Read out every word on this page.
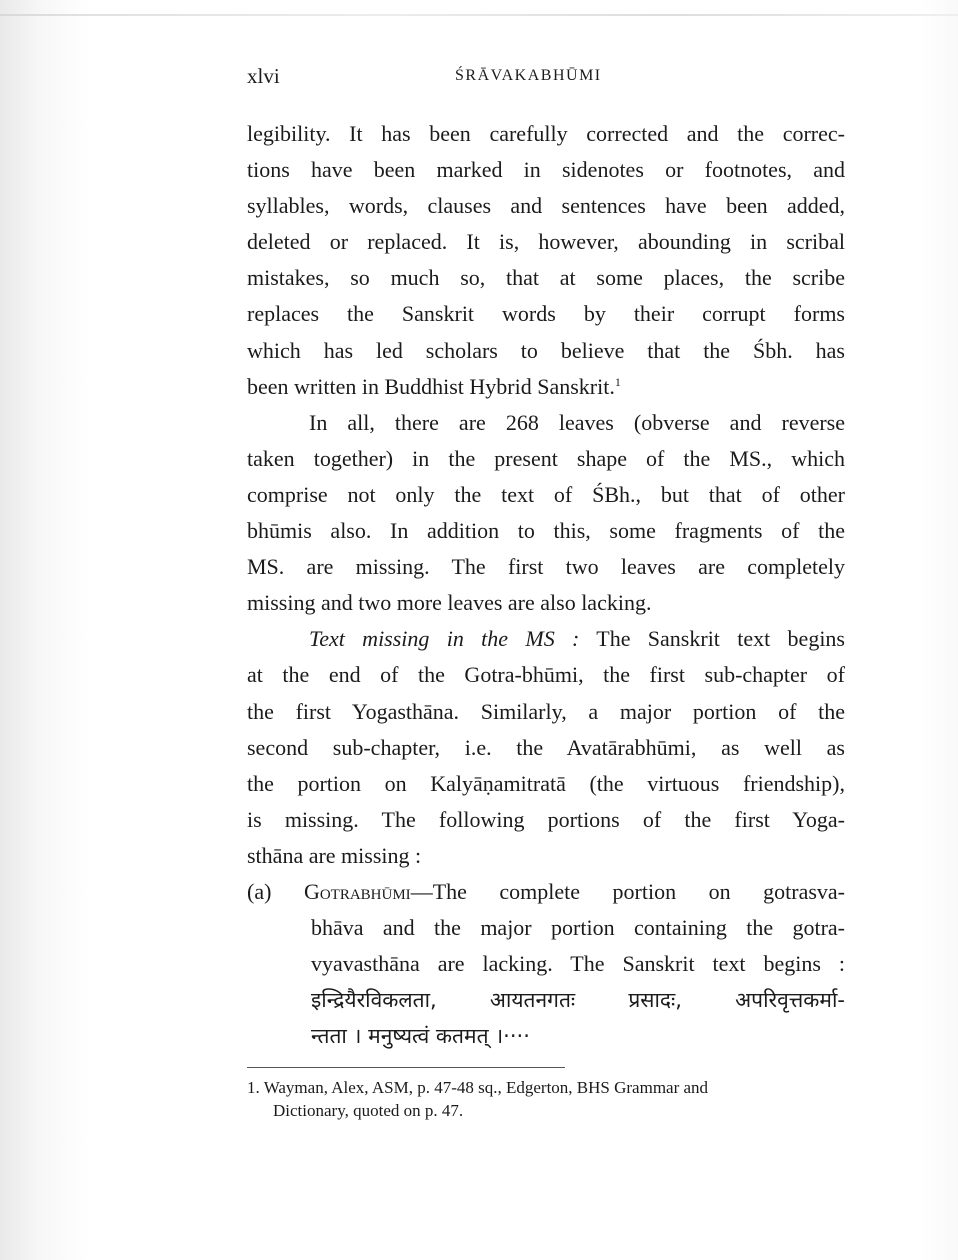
xlvi	ŚRĀVAKABHŪMI
legibility. It has been carefully corrected and the correc-
tions have been marked in sidenotes or footnotes, and
syllables, words, clauses and sentences have been added,
deleted or replaced. It is, however, abounding in scribal
mistakes, so much so, that at some places, the scribe
replaces the Sanskrit words by their corrupt forms
which has led scholars to believe that the Śbh. has
been written in Buddhist Hybrid Sanskrit.$^1$
In all, there are 268 leaves (obverse and reverse
taken together) in the present shape of the MS., which
comprise not only the text of ŚBh., but that of other
bhūmis also. In addition to this, some fragments of the
MS. are missing. The first two leaves are completely
missing and two more leaves are also lacking.
Text missing in the MS : The Sanskrit text begins
at the end of the Gotra-bhūmi, the first sub-chapter of
the first Yogasthāna. Similarly, a major portion of the
second sub-chapter, i.e. the Avatārabhūmi, as well as
the portion on Kalyāṇamitratā (the virtuous friendship),
is missing. The following portions of the first Yoga-
sthāna are missing :
(a) Gotrabhūmi—The complete portion on gotrasva-
bhāva and the major portion containing the gotra-
vyavasthāna are lacking. The Sanskrit text begins :
इन्द्रियैरविकलता, आयतनगतः प्रसादः, अपरिवृत्तकर्मा-
न्तता । मनुष्यत्वं कतमत् ।····
1. Wayman, Alex, ASM, p. 47-48 sq., Edgerton, BHS Grammar and
Dictionary, quoted on p. 47.
